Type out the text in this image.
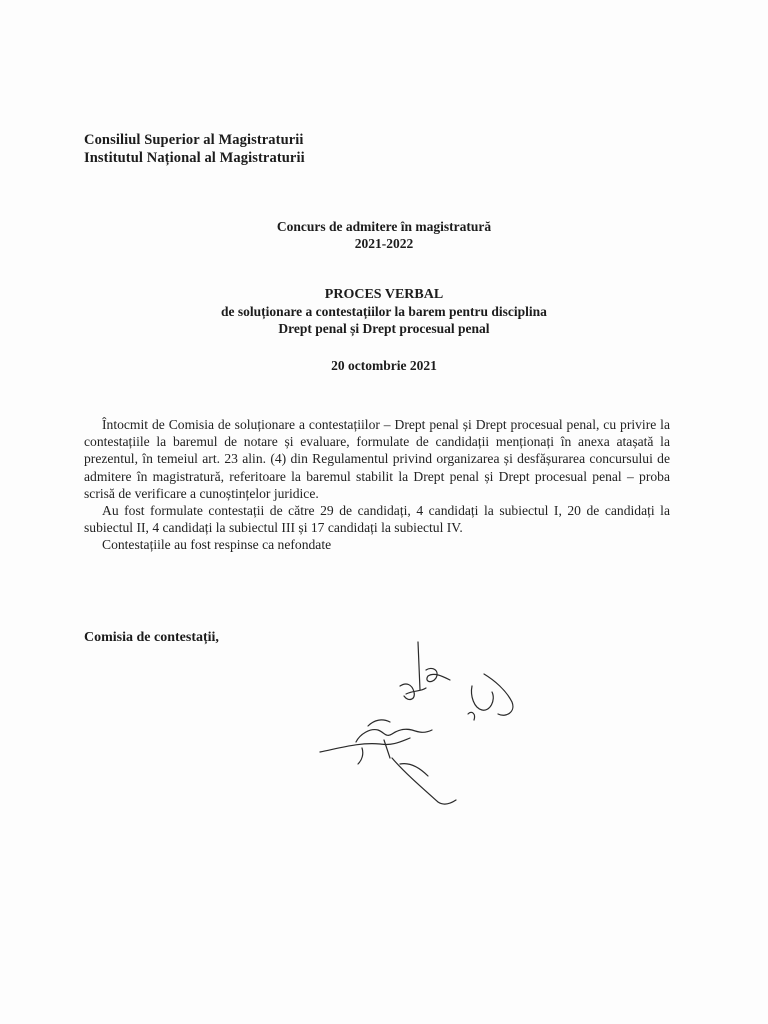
Consiliul Superior al Magistraturii
Institutul Național al Magistraturii
Concurs de admitere în magistratură
2021-2022
PROCES VERBAL
de soluționare a contestațiilor la barem pentru disciplina
Drept penal și Drept procesual penal
20 octombrie 2021

Întocmit de Comisia de soluționare a contestațiilor – Drept penal și Drept procesual penal, cu privire la contestațiile la baremul de notare și evaluare, formulate de candidații menționați în anexa atașată la prezentul, în temeiul art. 23 alin. (4) din Regulamentul privind organizarea și desfășurarea concursului de admitere în magistratură, referitoare la baremul stabilit la Drept penal și Drept procesual penal – proba scrisă de verificare a cunoștințelor juridice.

Au fost formulate contestații de către 29 de candidați, 4 candidați la subiectul I, 20 de candidați la subiectul II, 4 candidați la subiectul III și 17 candidați la subiectul IV.

Contestațiile au fost respinse ca nefondate

Comisia de contestații,
